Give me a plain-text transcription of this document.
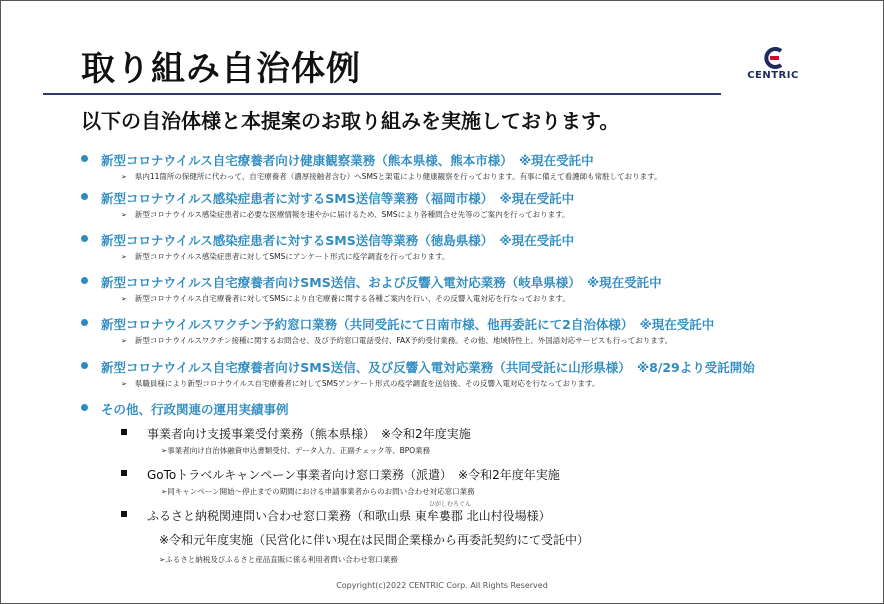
取り組み自治体例	CENTRIC
以下の自治体様と本提案のお取り組みを実施しております。
新型コロナウイルス自宅療養者向け健康観察業務（熊本県様、熊本市様）　※現在受託中
➢ 県内11箇所の保健所に代わって、自宅療養者（濃厚接触者含む）へSMSと架電により健康観察を行っております。有事に備えて看護師も常駐しております。
新型コロナウイルス感染症患者に対するSMS送信等業務（福岡市様）　※現在受託中
➢ 新型コロナウイルス感染症患者に必要な医療情報を速やかに届けるため、SMSにより各種問合せ先等のご案内を行っております。
新型コロナウイルス感染症患者に対するSMS送信等業務（徳島県様）　※現在受託中
➢ 新型コロナウイルス感染症患者に対してSMSにアンケート形式に疫学調査を行っております。
新型コロナウイルス自宅療養者向けSMS送信、および反響入電対応業務（岐阜県様）　※現在受託中
➢ 新型コロナウイルス自宅療養者に対してSMSにより自宅療養に関する各種ご案内を行い、その反響入電対応を行なっております。
新型コロナウイルスワクチン予約窓口業務（共同受託にて日南市様、他再委託にて2自治体様）　※現在受託中
➢ 新型コロナウイルスワクチン接種に関するお問合せ、及び予約窓口電話受付、FAX予約受付業務。その他、地域特性上、外国語対応サービスも行っております。
新型コロナウイルス自宅療養者向けSMS送信、及び反響入電対応業務（共同受託に山形県様）　※8/29より受託開始
➢ 県職員様により新型コロナウイルス自宅療養者に対してSMSアンケート形式の疫学調査を送信後、その反響入電対応を行なっております。
その他、行政関連の運用実績事例
事業者向け支援事業受付業務（熊本県様）　※令和2年度実施
➢事業者向け自治体融資申込書類受付、データ入力、正副チェック等、BPO業務
GoToトラベルキャンペーン事業者向け窓口業務（派遣）　※令和2年度年実施
➢同キャンペーン開始～停止までの期間における申請事業者からのお問い合わせ対応窓口業務
ひがしむろぐん
ふるさと納税関連問い合わせ窓口業務（和歌山県 東牟婁郡 北山村役場様）
※令和元年度実施（民営化に伴い現在は民間企業様から再委託契約にて受託中）
➢ふるさと納税及びふるさと産品直販に係る利用者問い合わせ窓口業務
Copyright(c)2022 CENTRIC Corp. All Rights Reserved
